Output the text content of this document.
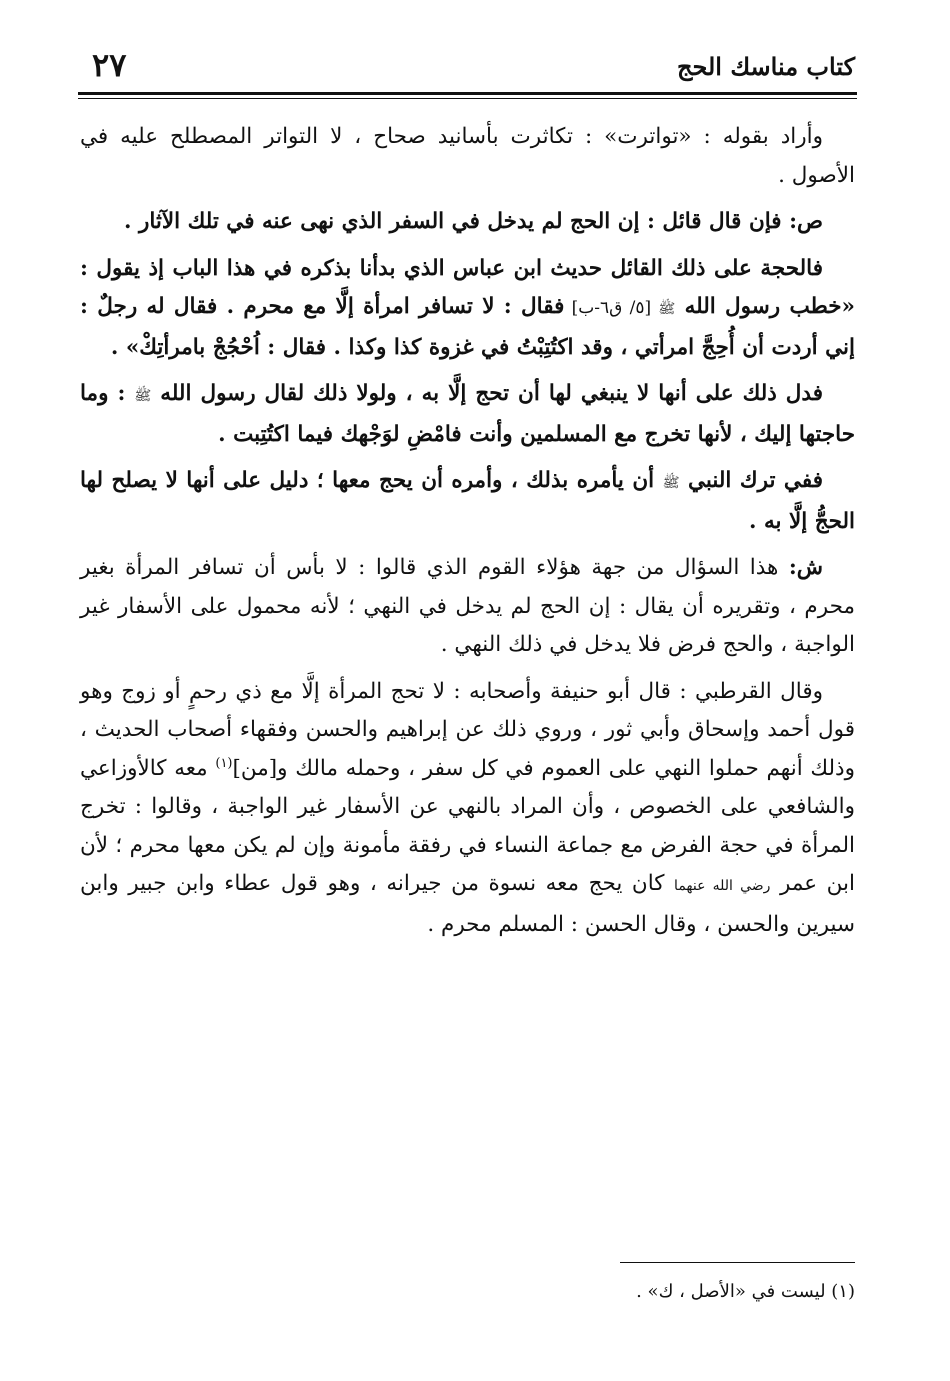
كتاب مناسك الحج
٢٧

وأراد بقوله : «تواترت» : تكاثرت بأسانيد صحاح ، لا التواتر المصطلح عليه في الأصول .

ص: فإن قال قائل : إن الحج لم يدخل في السفر الذي نهى عنه في تلك الآثار .

فالحجة على ذلك القائل حديث ابن عباس الذي بدأنا بذكره في هذا الباب إذ يقول : «خطب رسول الله ﷺ [٥/ ق٦-ب] فقال : لا تسافر امرأة إلَّا مع محرم . فقال له رجلٌ : إني أردت أن أُحِجَّ امرأتي ، وقد اكتُتِبْتُ في غزوة كذا وكذا . فقال : اُحْجُجْ بامرأتِكْ» .

فدل ذلك على أنها لا ينبغي لها أن تحج إلَّا به ، ولولا ذلك لقال رسول الله ﷺ : وما حاجتها إليك ، لأنها تخرج مع المسلمين وأنت فامْضِ لوَجْهك فيما اكتُتِبت .

ففي ترك النبي ﷺ أن يأمره بذلك ، وأمره أن يحج معها ؛ دليل على أنها لا يصلح لها الحجُّ إلَّا به .

ش: هذا السؤال من جهة هؤلاء القوم الذي قالوا : لا بأس أن تسافر المرأة بغير محرم ، وتقريره أن يقال : إن الحج لم يدخل في النهي ؛ لأنه محمول على الأسفار غير الواجبة ، والحج فرض فلا يدخل في ذلك النهي .

وقال القرطبي : قال أبو حنيفة وأصحابه : لا تحج المرأة إلَّا مع ذي رحمٍ أو زوج وهو قول أحمد وإسحاق وأبي ثور ، وروي ذلك عن إبراهيم والحسن وفقهاء أصحاب الحديث ، وذلك أنهم حملوا النهي على العموم في كل سفر ، وحمله مالك و[من]$^{(١)}$ معه كالأوزاعي والشافعي على الخصوص ، وأن المراد بالنهي عن الأسفار غير الواجبة ، وقالوا : تخرج المرأة في حجة الفرض مع جماعة النساء في رفقة مأمونة وإن لم يكن معها محرم ؛ لأن ابن عمر رضي الله عنهما كان يحج معه نسوة من جيرانه ، وهو قول عطاء وابن جبير وابن سيرين والحسن ، وقال الحسن : المسلم محرم .

(١) ليست في «الأصل ، ك» .
